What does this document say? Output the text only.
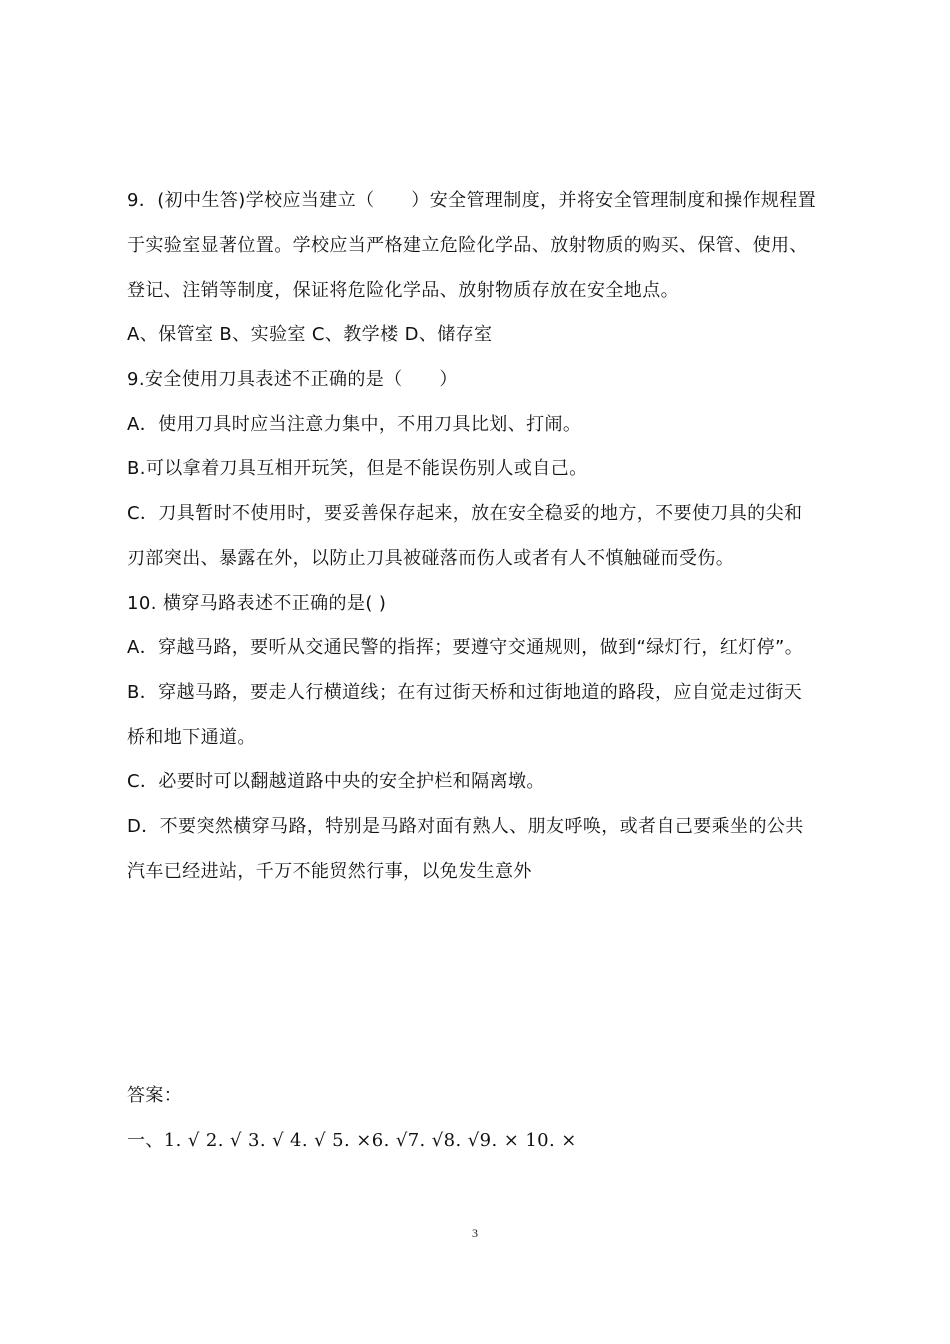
9．(初中生答)学校应当建立（　　）安全管理制度，并将安全管理制度和操作规程置
于实验室显著位置。学校应当严格建立危险化学品、放射物质的购买、保管、使用、
登记、注销等制度，保证将危险化学品、放射物质存放在安全地点。
A、保管室 B、实验室 C、教学楼 D、储存室
9.安全使用刀具表述不正确的是（　　）
A．使用刀具时应当注意力集中，不用刀具比划、打闹。
B.可以拿着刀具互相开玩笑，但是不能误伤别人或自己。
C．刀具暂时不使用时，要妥善保存起来，放在安全稳妥的地方，不要使刀具的尖和
刃部突出、暴露在外，以防止刀具被碰落而伤人或者有人不慎触碰而受伤。
10. 横穿马路表述不正确的是( )
A．穿越马路，要听从交通民警的指挥；要遵守交通规则，做到“绿灯行，红灯停”。
B．穿越马路，要走人行横道线；在有过街天桥和过街地道的路段，应自觉走过街天
桥和地下通道。
C．必要时可以翻越道路中央的安全护栏和隔离墩。
D．不要突然横穿马路，特别是马路对面有熟人、朋友呼唤，或者自己要乘坐的公共
汽车已经进站，千万不能贸然行事，以免发生意外
答案：
一、1. √ 2. √ 3. √ 4. √ 5. ×6. √7. √8. √9. × 10. ×
3
